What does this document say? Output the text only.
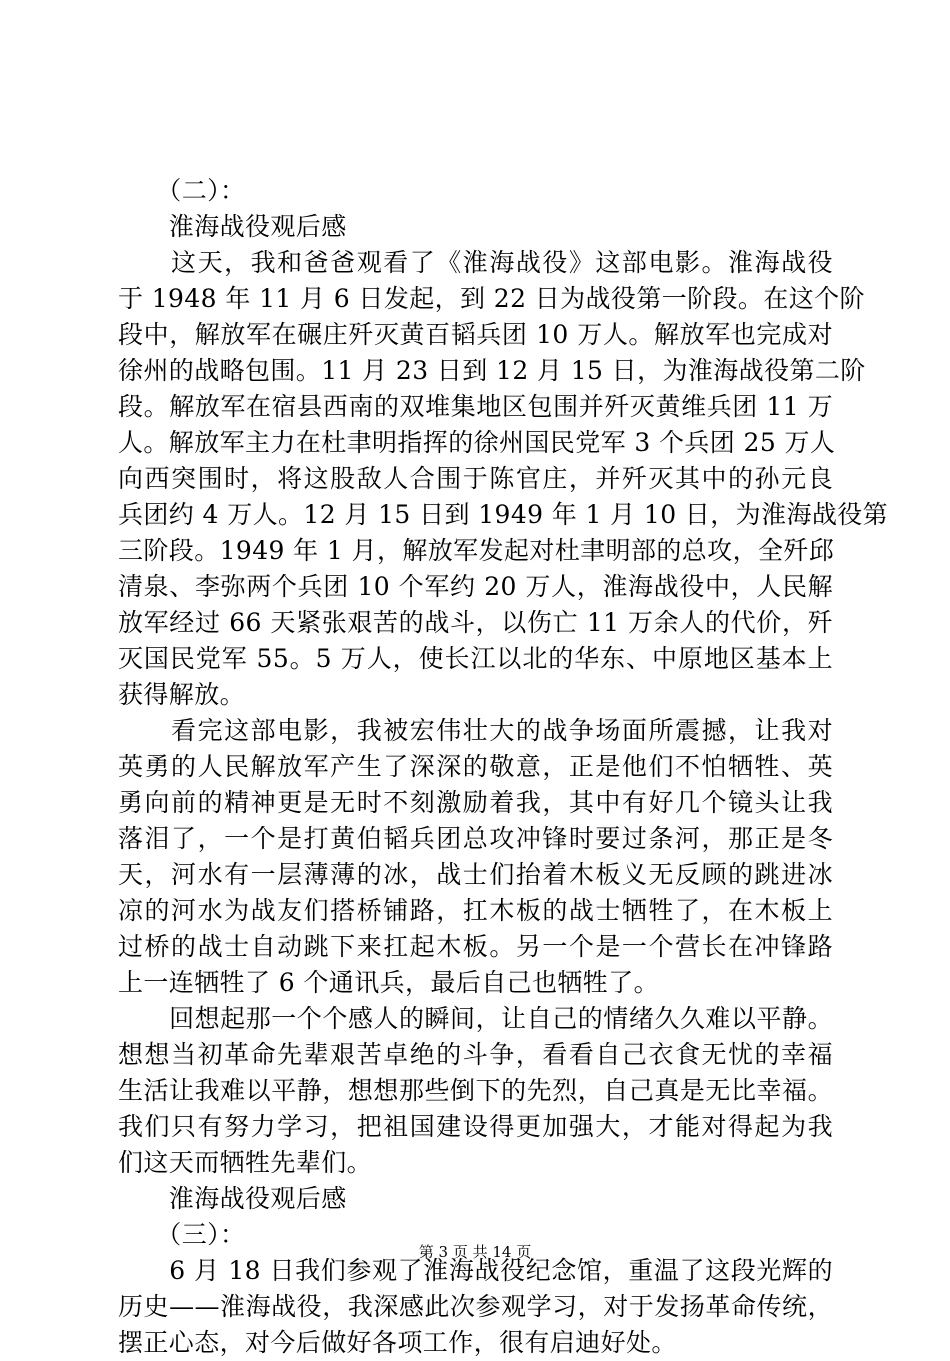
　　（二）：
　　淮海战役观后感
　　这天，我和爸爸观看了《淮海战役》这部电影。淮海战役
于 1948 年 11 月 6 日发起，到 22 日为战役第一阶段。在这个阶
段中，解放军在碾庄歼灭黄百韬兵团 10 万人。解放军也完成对
徐州的战略包围。11 月 23 日到 12 月 15 日，为淮海战役第二阶
段。解放军在宿县西南的双堆集地区包围并歼灭黄维兵团 11 万
人。解放军主力在杜聿明指挥的徐州国民党军 3 个兵团 25 万人
向西突围时，将这股敌人合围于陈官庄，并歼灭其中的孙元良
兵团约 4 万人。12 月 15 日到 1949 年 1 月 10 日，为淮海战役第
三阶段。1949 年 1 月，解放军发起对杜聿明部的总攻，全歼邱
清泉、李弥两个兵团 10 个军约 20 万人，淮海战役中，人民解
放军经过 66 天紧张艰苦的战斗，以伤亡 11 万余人的代价，歼
灭国民党军 55。5 万人，使长江以北的华东、中原地区基本上
获得解放。
　　看完这部电影，我被宏伟壮大的战争场面所震撼，让我对
英勇的人民解放军产生了深深的敬意，正是他们不怕牺牲、英
勇向前的精神更是无时不刻激励着我，其中有好几个镜头让我
落泪了，一个是打黄伯韬兵团总攻冲锋时要过条河，那正是冬
天，河水有一层薄薄的冰，战士们抬着木板义无反顾的跳进冰
凉的河水为战友们搭桥铺路，扛木板的战士牺牲了，在木板上
过桥的战士自动跳下来扛起木板。另一个是一个营长在冲锋路
上一连牺牲了 6 个通讯兵，最后自己也牺牲了。
　　回想起那一个个感人的瞬间，让自己的情绪久久难以平静。
想想当初革命先辈艰苦卓绝的斗争，看看自己衣食无忧的幸福
生活让我难以平静，想想那些倒下的先烈，自己真是无比幸福。
我们只有努力学习，把祖国建设得更加强大，才能对得起为我
们这天而牺牲先辈们。
　　淮海战役观后感
　　（三）：
　　6 月 18 日我们参观了淮海战役纪念馆，重温了这段光辉的
历史——淮海战役，我深感此次参观学习，对于发扬革命传统，
摆正心态，对今后做好各项工作，很有启迪好处。
第 3 页 共 14 页
